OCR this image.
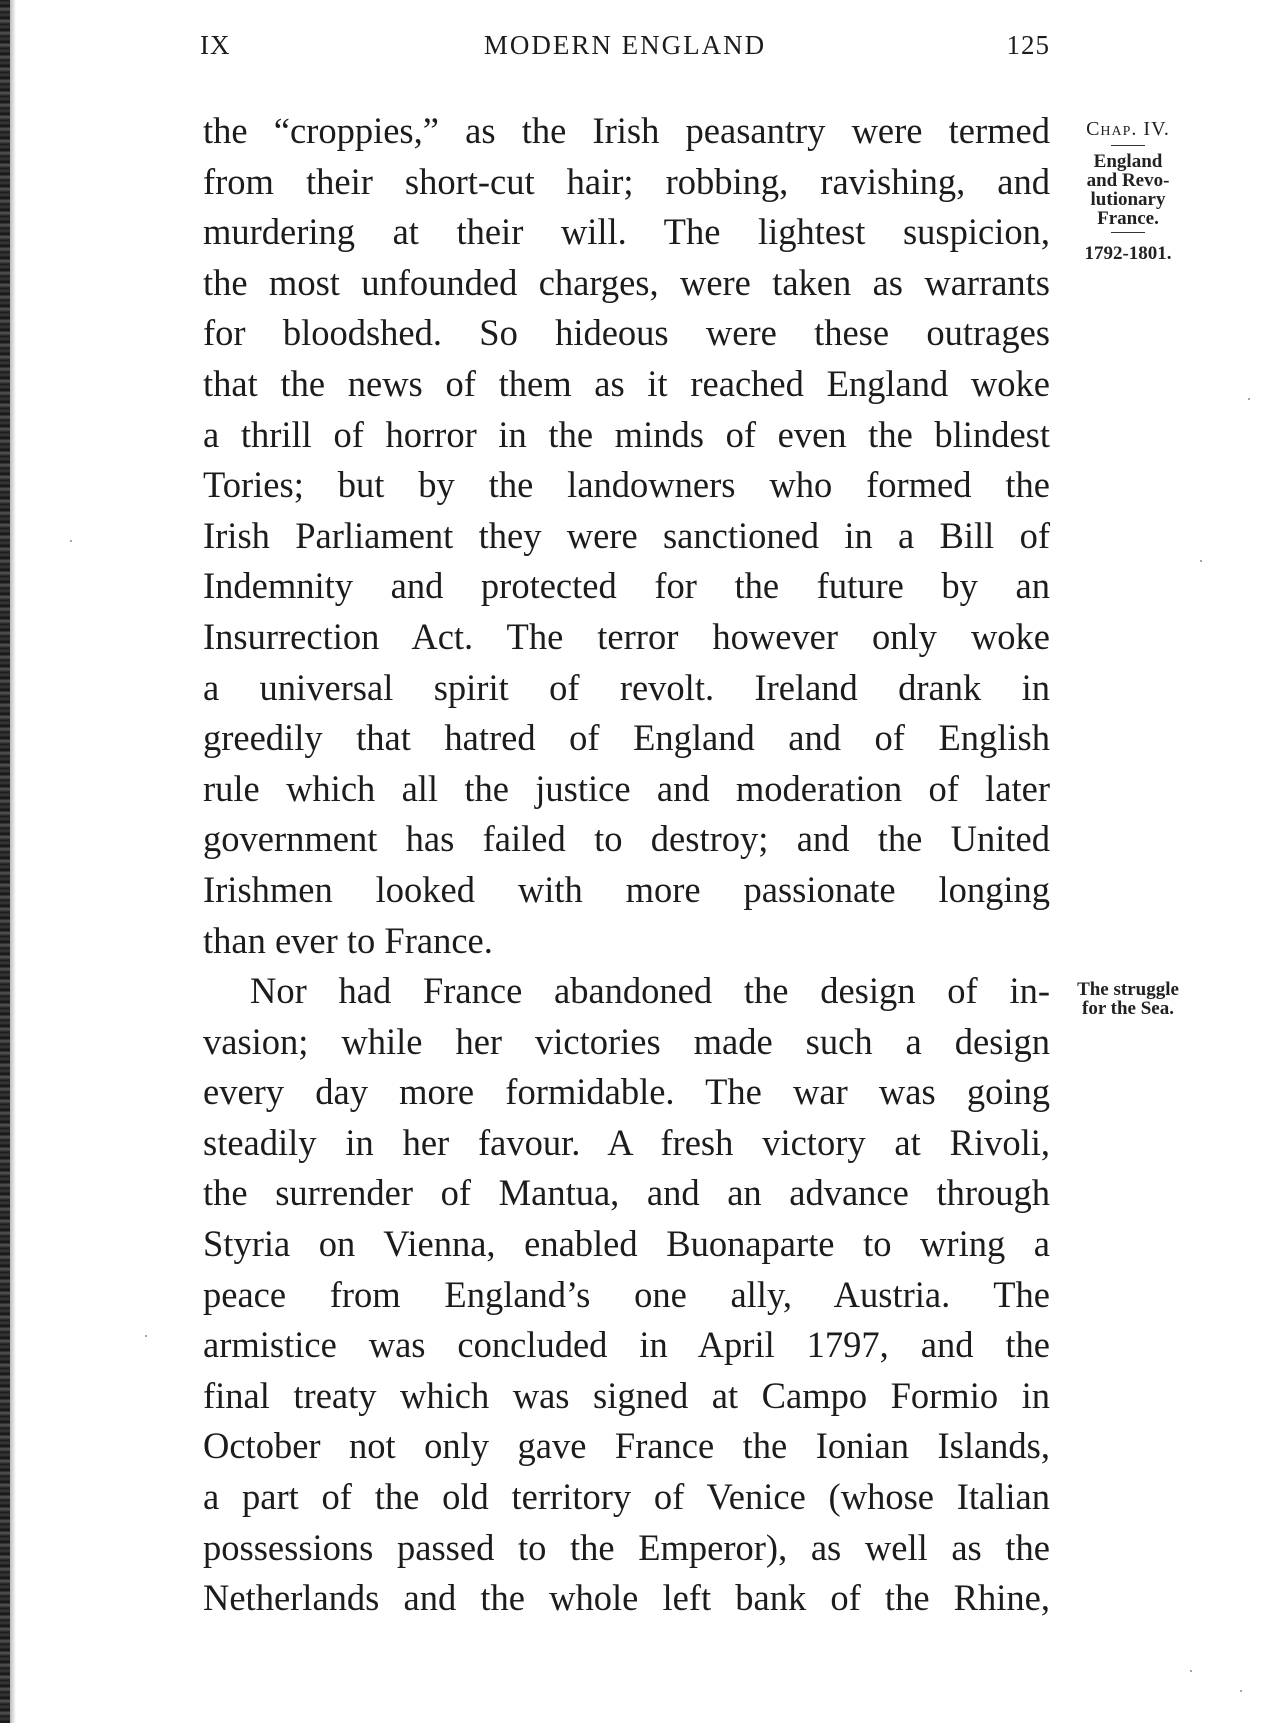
IX	MODERN ENGLAND	125
Chap. IV.
England
and Revo-
lutionary
France.
1792-1801.
The struggle
for the Sea.
the “croppies,” as the Irish peasantry were termed
from their short-cut hair; robbing, ravishing, and
murdering at their will. The lightest suspicion,
the most unfounded charges, were taken as warrants
for bloodshed. So hideous were these outrages
that the news of them as it reached England woke
a thrill of horror in the minds of even the blindest
Tories; but by the landowners who formed the
Irish Parliament they were sanctioned in a Bill of
Indemnity and protected for the future by an
Insurrection Act. The terror however only woke
a universal spirit of revolt. Ireland drank in
greedily that hatred of England and of English
rule which all the justice and moderation of later
government has failed to destroy; and the United
Irishmen looked with more passionate longing
than ever to France.
Nor had France abandoned the design of in-
vasion; while her victories made such a design
every day more formidable. The war was going
steadily in her favour. A fresh victory at Rivoli,
the surrender of Mantua, and an advance through
Styria on Vienna, enabled Buonaparte to wring a
peace from England’s one ally, Austria. The
armistice was concluded in April 1797, and the
final treaty which was signed at Campo Formio in
October not only gave France the Ionian Islands,
a part of the old territory of Venice (whose Italian
possessions passed to the Emperor), as well as the
Netherlands and the whole left bank of the Rhine,
